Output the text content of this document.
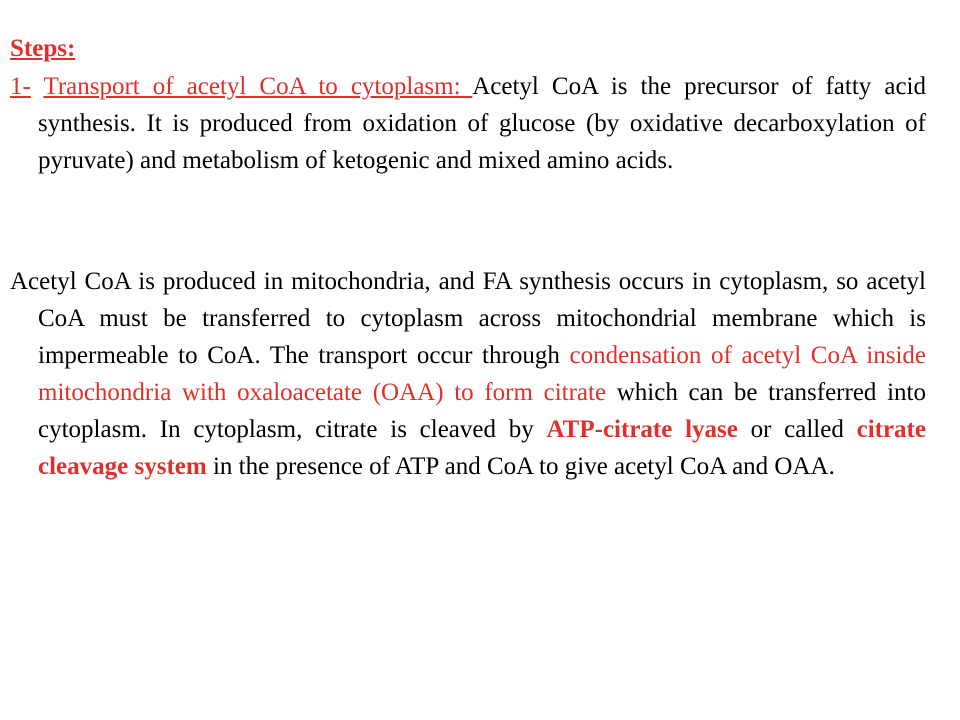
Steps:
1- Transport of acetyl CoA to cytoplasm: Acetyl CoA is the precursor of fatty acid synthesis. It is produced from oxidation of glucose (by oxidative decarboxylation of pyruvate) and metabolism of ketogenic and mixed amino acids.
Acetyl CoA is produced in mitochondria, and FA synthesis occurs in cytoplasm, so acetyl CoA must be transferred to cytoplasm across mitochondrial membrane which is impermeable to CoA. The transport occur through condensation of acetyl CoA inside mitochondria with oxaloacetate (OAA) to form citrate which can be transferred into cytoplasm. In cytoplasm, citrate is cleaved by ATP-citrate lyase or called citrate cleavage system in the presence of ATP and CoA to give acetyl CoA and OAA.
